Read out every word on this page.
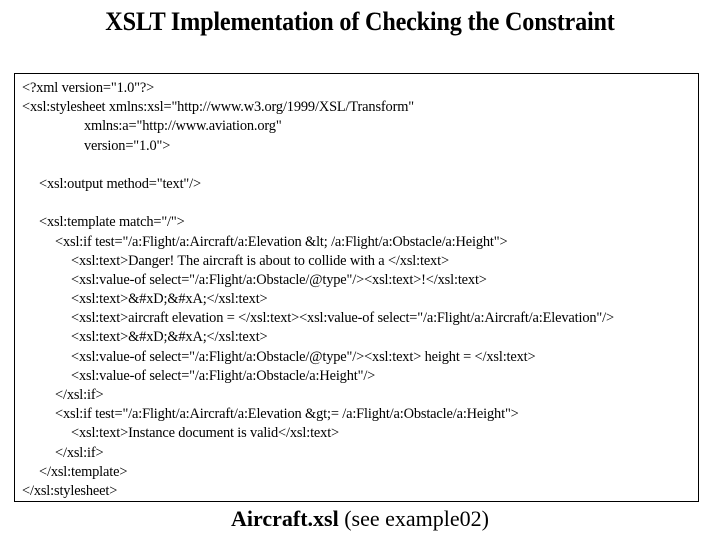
XSLT Implementation of Checking the Constraint
<?xml version="1.0"?>
<xsl:stylesheet xmlns:xsl="http://www.w3.org/1999/XSL/Transform"
xmlns:a="http://www.aviation.org"
version="1.0">
<xsl:output method="text"/>
<xsl:template match="/">
<xsl:if test="/a:Flight/a:Aircraft/a:Elevation &lt; /a:Flight/a:Obstacle/a:Height">
<xsl:text>Danger! The aircraft is about to collide with a </xsl:text>
<xsl:value-of select="/a:Flight/a:Obstacle/@type"/><xsl:text>!</xsl:text>
<xsl:text>&#xD;&#xA;</xsl:text>
<xsl:text>aircraft elevation = </xsl:text><xsl:value-of select="/a:Flight/a:Aircraft/a:Elevation"/>
<xsl:text>&#xD;&#xA;</xsl:text>
<xsl:value-of select="/a:Flight/a:Obstacle/@type"/><xsl:text> height = </xsl:text>
<xsl:value-of select="/a:Flight/a:Obstacle/a:Height"/>
</xsl:if>
<xsl:if test="/a:Flight/a:Aircraft/a:Elevation &gt;= /a:Flight/a:Obstacle/a:Height">
<xsl:text>Instance document is valid</xsl:text>
</xsl:if>
</xsl:template>
</xsl:stylesheet>
Aircraft.xsl (see example02)
